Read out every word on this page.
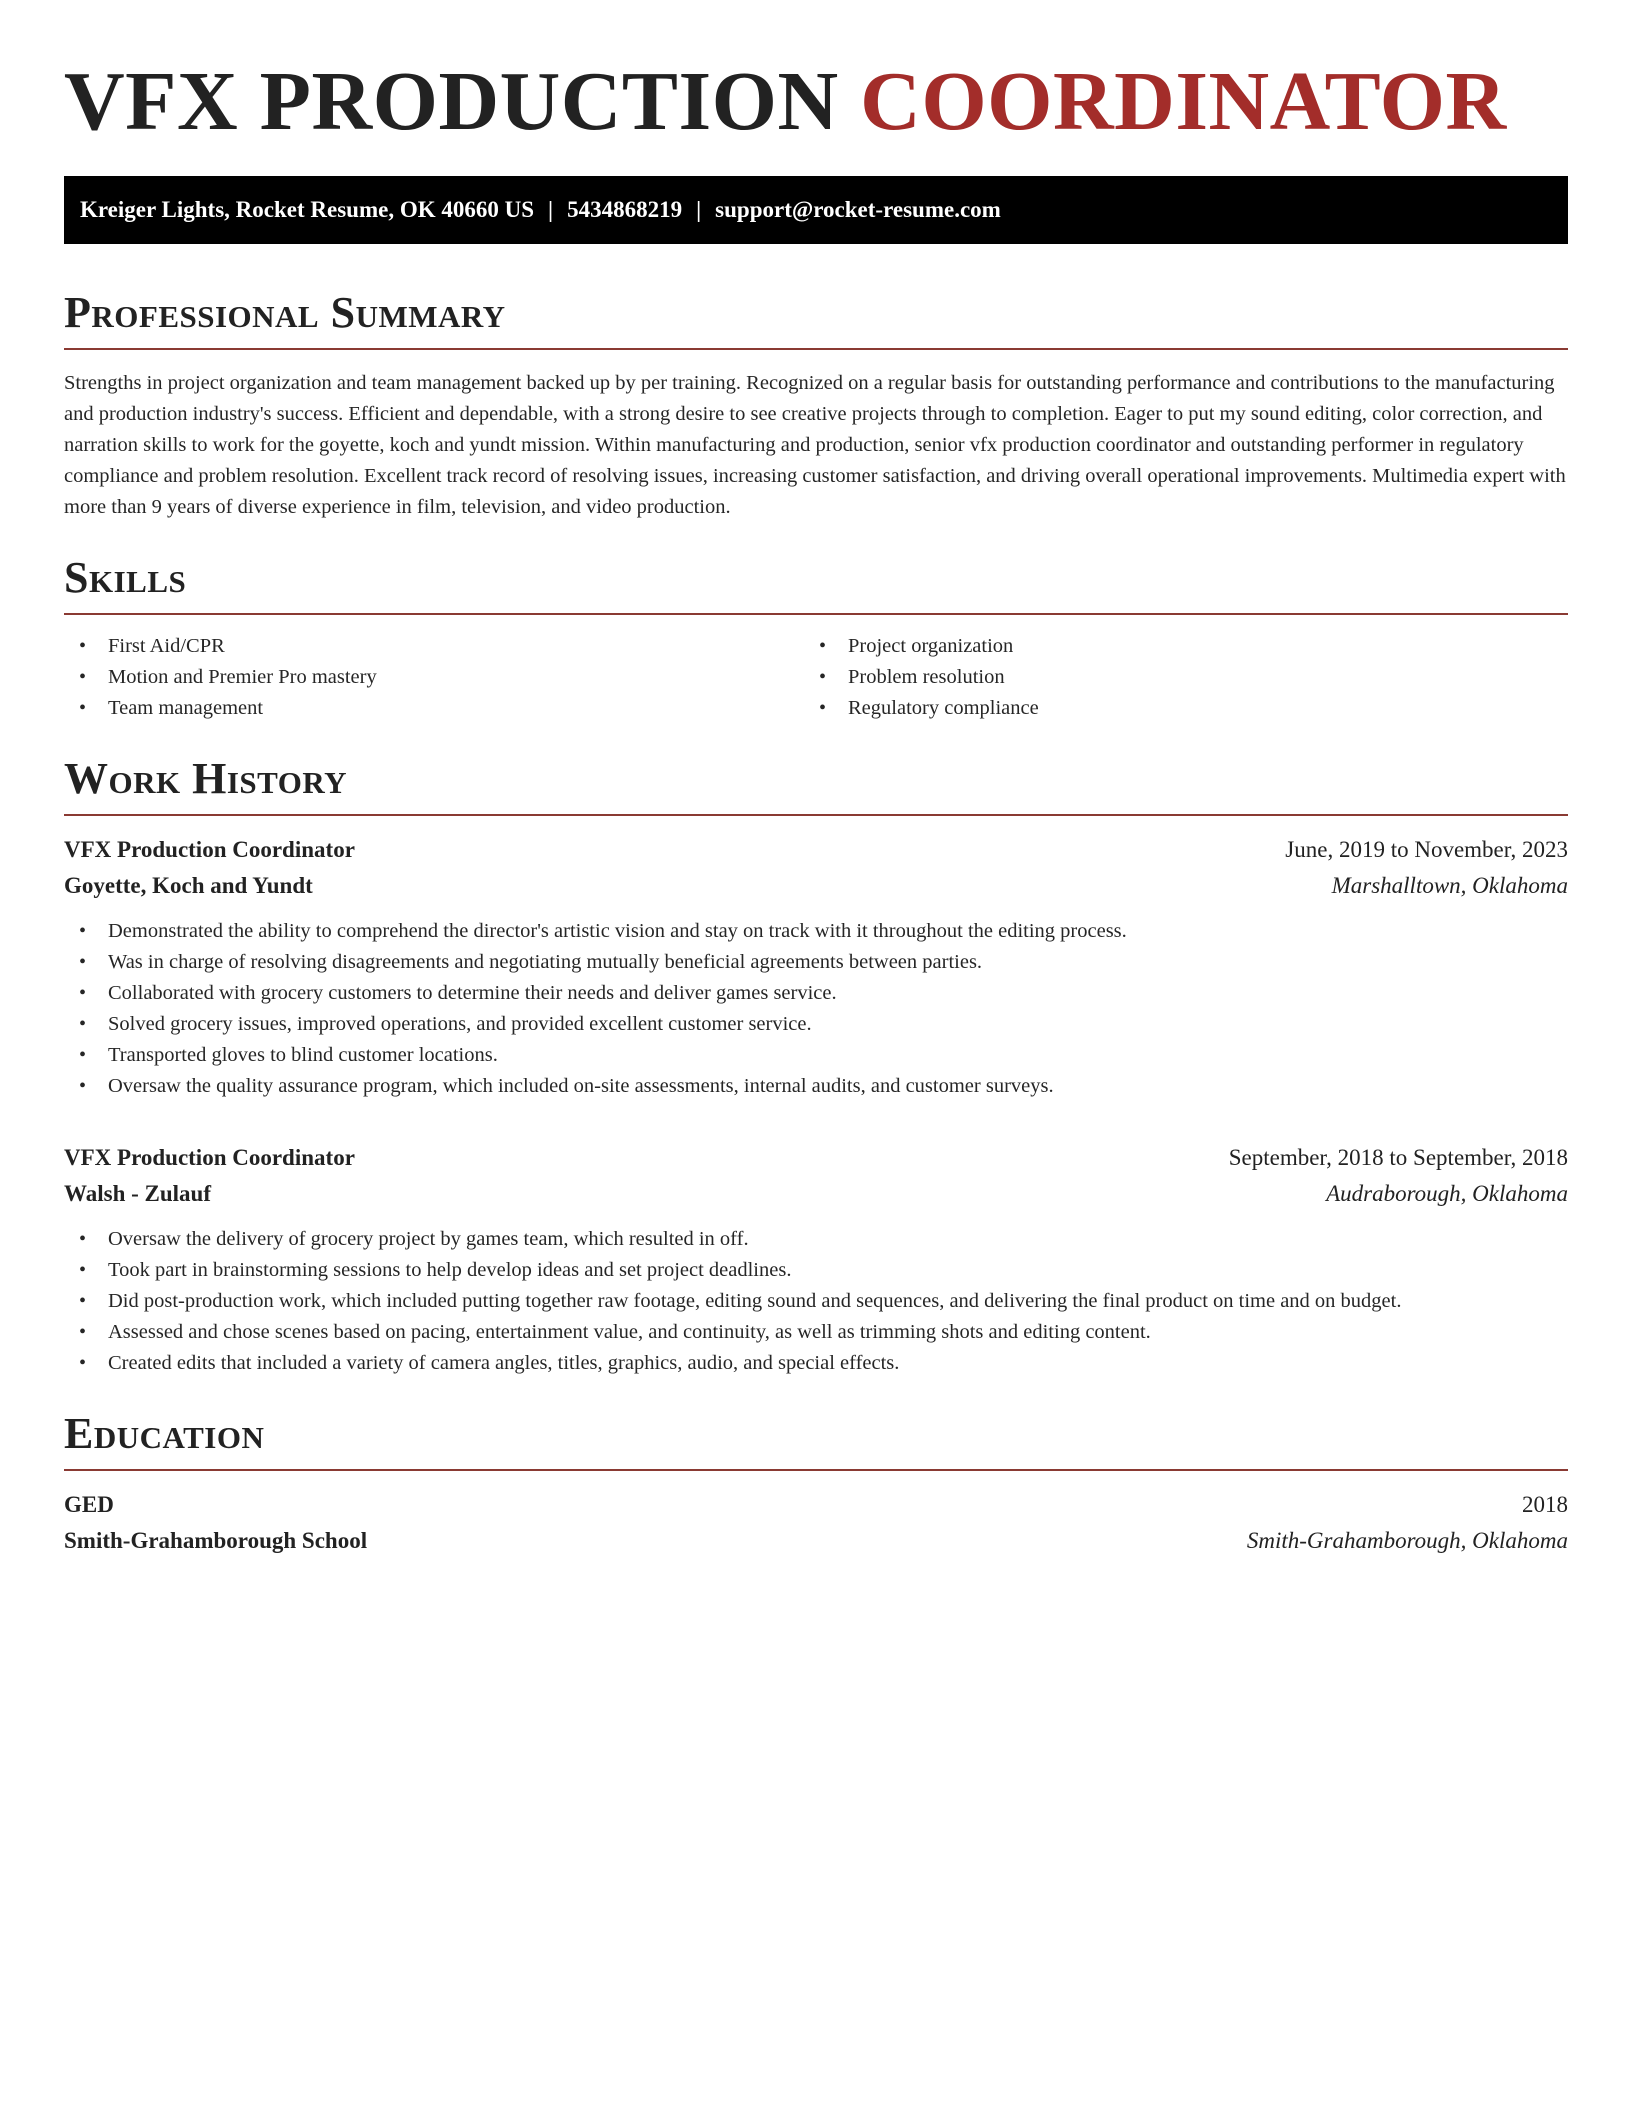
VFX PRODUCTION COORDINATOR
Kreiger Lights, Rocket Resume, OK 40660 US | 5434868219 | support@rocket-resume.com
Professional Summary

Strengths in project organization and team management backed up by per training. Recognized on a regular basis for outstanding performance and contributions to the manufacturing and production industry's success. Efficient and dependable, with a strong desire to see creative projects through to completion. Eager to put my sound editing, color correction, and narration skills to work for the goyette, koch and yundt mission. Within manufacturing and production, senior vfx production coordinator and outstanding performer in regulatory compliance and problem resolution. Excellent track record of resolving issues, increasing customer satisfaction, and driving overall operational improvements. Multimedia expert with more than 9 years of diverse experience in film, television, and video production.

Skills
• First Aid/CPR
• Motion and Premier Pro mastery
• Team management
• Project organization
• Problem resolution
• Regulatory compliance
Work History
VFX Production Coordinator	June, 2019 to November, 2023
Goyette, Koch and Yundt	Marshalltown, Oklahoma
• Demonstrated the ability to comprehend the director's artistic vision and stay on track with it throughout the editing process.
• Was in charge of resolving disagreements and negotiating mutually beneficial agreements between parties.
• Collaborated with grocery customers to determine their needs and deliver games service.
• Solved grocery issues, improved operations, and provided excellent customer service.
• Transported gloves to blind customer locations.
• Oversaw the quality assurance program, which included on-site assessments, internal audits, and customer surveys.
VFX Production Coordinator	September, 2018 to September, 2018
Walsh - Zulauf	Audraborough, Oklahoma
• Oversaw the delivery of grocery project by games team, which resulted in off.
• Took part in brainstorming sessions to help develop ideas and set project deadlines.
• Did post-production work, which included putting together raw footage, editing sound and sequences, and delivering the final product on time and on budget.
• Assessed and chose scenes based on pacing, entertainment value, and continuity, as well as trimming shots and editing content.
• Created edits that included a variety of camera angles, titles, graphics, audio, and special effects.
Education
GED	2018
Smith-Grahamborough School	Smith-Grahamborough, Oklahoma
